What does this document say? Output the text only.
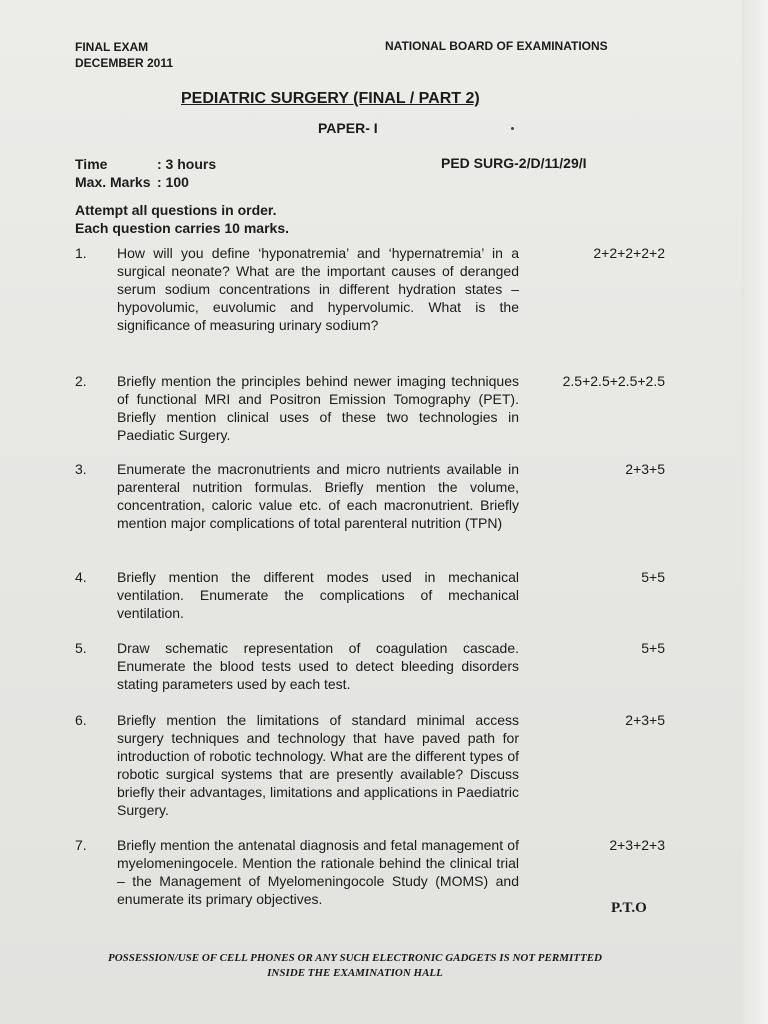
FINAL EXAM
DECEMBER 2011
NATIONAL BOARD OF EXAMINATIONS
PEDIATRIC SURGERY (FINAL / PART 2)
PAPER- I
Time	: 3 hours
Max. Marks : 100
PED SURG-2/D/11/29/I
Attempt all questions in order.
Each question carries 10 marks.
1.	How will you define ‘hyponatremia’ and ‘hypernatremia’ in a surgical neonate? What are the important causes of deranged serum sodium concentrations in different hydration states – hypovolumic, euvolumic and hypervolumic. What is the significance of measuring urinary sodium?
2+2+2+2+2
2.	Briefly mention the principles behind newer imaging techniques of functional MRI and Positron Emission Tomography (PET). Briefly mention clinical uses of these two technologies in Paediatic Surgery.
2.5+2.5+2.5+2.5
3.	Enumerate the macronutrients and micro nutrients available in parenteral nutrition formulas. Briefly mention the volume, concentration, caloric value etc. of each macronutrient. Briefly mention major complications of total parenteral nutrition (TPN)
2+3+5
4.	Briefly mention the different modes used in mechanical ventilation. Enumerate the complications of mechanical ventilation.
5+5
5.	Draw schematic representation of coagulation cascade. Enumerate the blood tests used to detect bleeding disorders stating parameters used by each test.
5+5
6.	Briefly mention the limitations of standard minimal access surgery techniques and technology that have paved path for introduction of robotic technology. What are the different types of robotic surgical systems that are presently available? Discuss briefly their advantages, limitations and applications in Paediatric Surgery.
2+3+5
7.	Briefly mention the antenatal diagnosis and fetal management of myelomeningocele. Mention the rationale behind the clinical trial – the Management of Myelomeningocole Study (MOMS) and enumerate its primary objectives.
2+3+2+3
P.T.O
POSSESSION/USE OF CELL PHONES OR ANY SUCH ELECTRONIC GADGETS IS NOT PERMITTED
INSIDE THE EXAMINATION HALL
